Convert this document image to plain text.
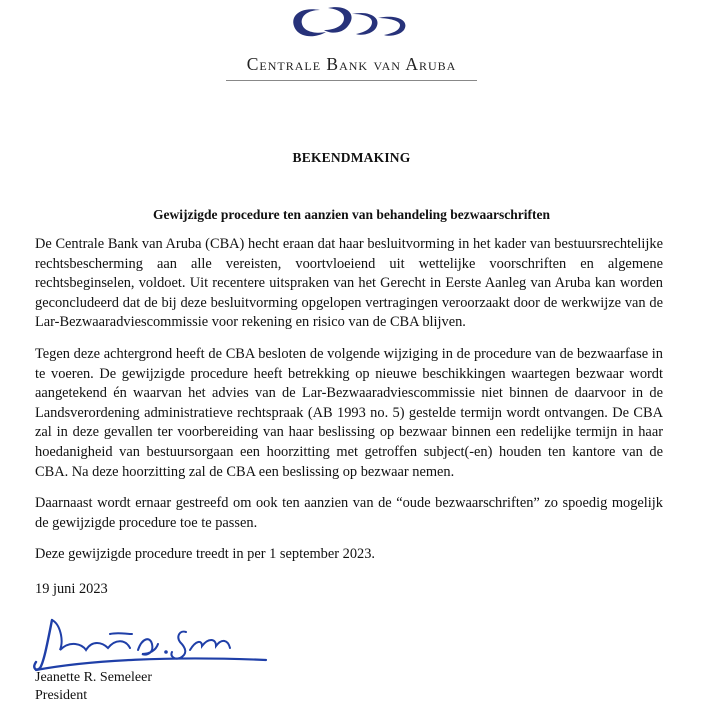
Centrale Bank van Aruba
BEKENDMAKING
Gewijzigde procedure ten aanzien van behandeling bezwaarschriften

De Centrale Bank van Aruba (CBA) hecht eraan dat haar besluitvorming in het kader van bestuursrechtelijke rechtsbescherming aan alle vereisten, voortvloeiend uit wettelijke voorschriften en algemene rechtsbeginselen, voldoet. Uit recentere uitspraken van het Gerecht in Eerste Aanleg van Aruba kan worden geconcludeerd dat de bij deze besluitvorming opgelopen vertragingen veroorzaakt door de werkwijze van de Lar-Bezwaaradviescommissie voor rekening en risico van de CBA blijven.

Tegen deze achtergrond heeft de CBA besloten de volgende wijziging in de procedure van de bezwaarfase in te voeren. De gewijzigde procedure heeft betrekking op nieuwe beschikkingen waartegen bezwaar wordt aangetekend én waarvan het advies van de Lar-Bezwaaradviescommissie niet binnen de daarvoor in de Landsverordening administratieve rechtspraak (AB 1993 no. 5) gestelde termijn wordt ontvangen. De CBA zal in deze gevallen ter voorbereiding van haar beslissing op bezwaar binnen een redelijke termijn in haar hoedanigheid van bestuursorgaan een hoorzitting met getroffen subject(-en) houden ten kantore van de CBA. Na deze hoorzitting zal de CBA een beslissing op bezwaar nemen.

Daarnaast wordt ernaar gestreefd om ook ten aanzien van de “oude bezwaarschriften” zo spoedig mogelijk de gewijzigde procedure toe te passen.

Deze gewijzigde procedure treedt in per 1 september 2023.

19 juni 2023
Jeanette R. Semeleer
President
